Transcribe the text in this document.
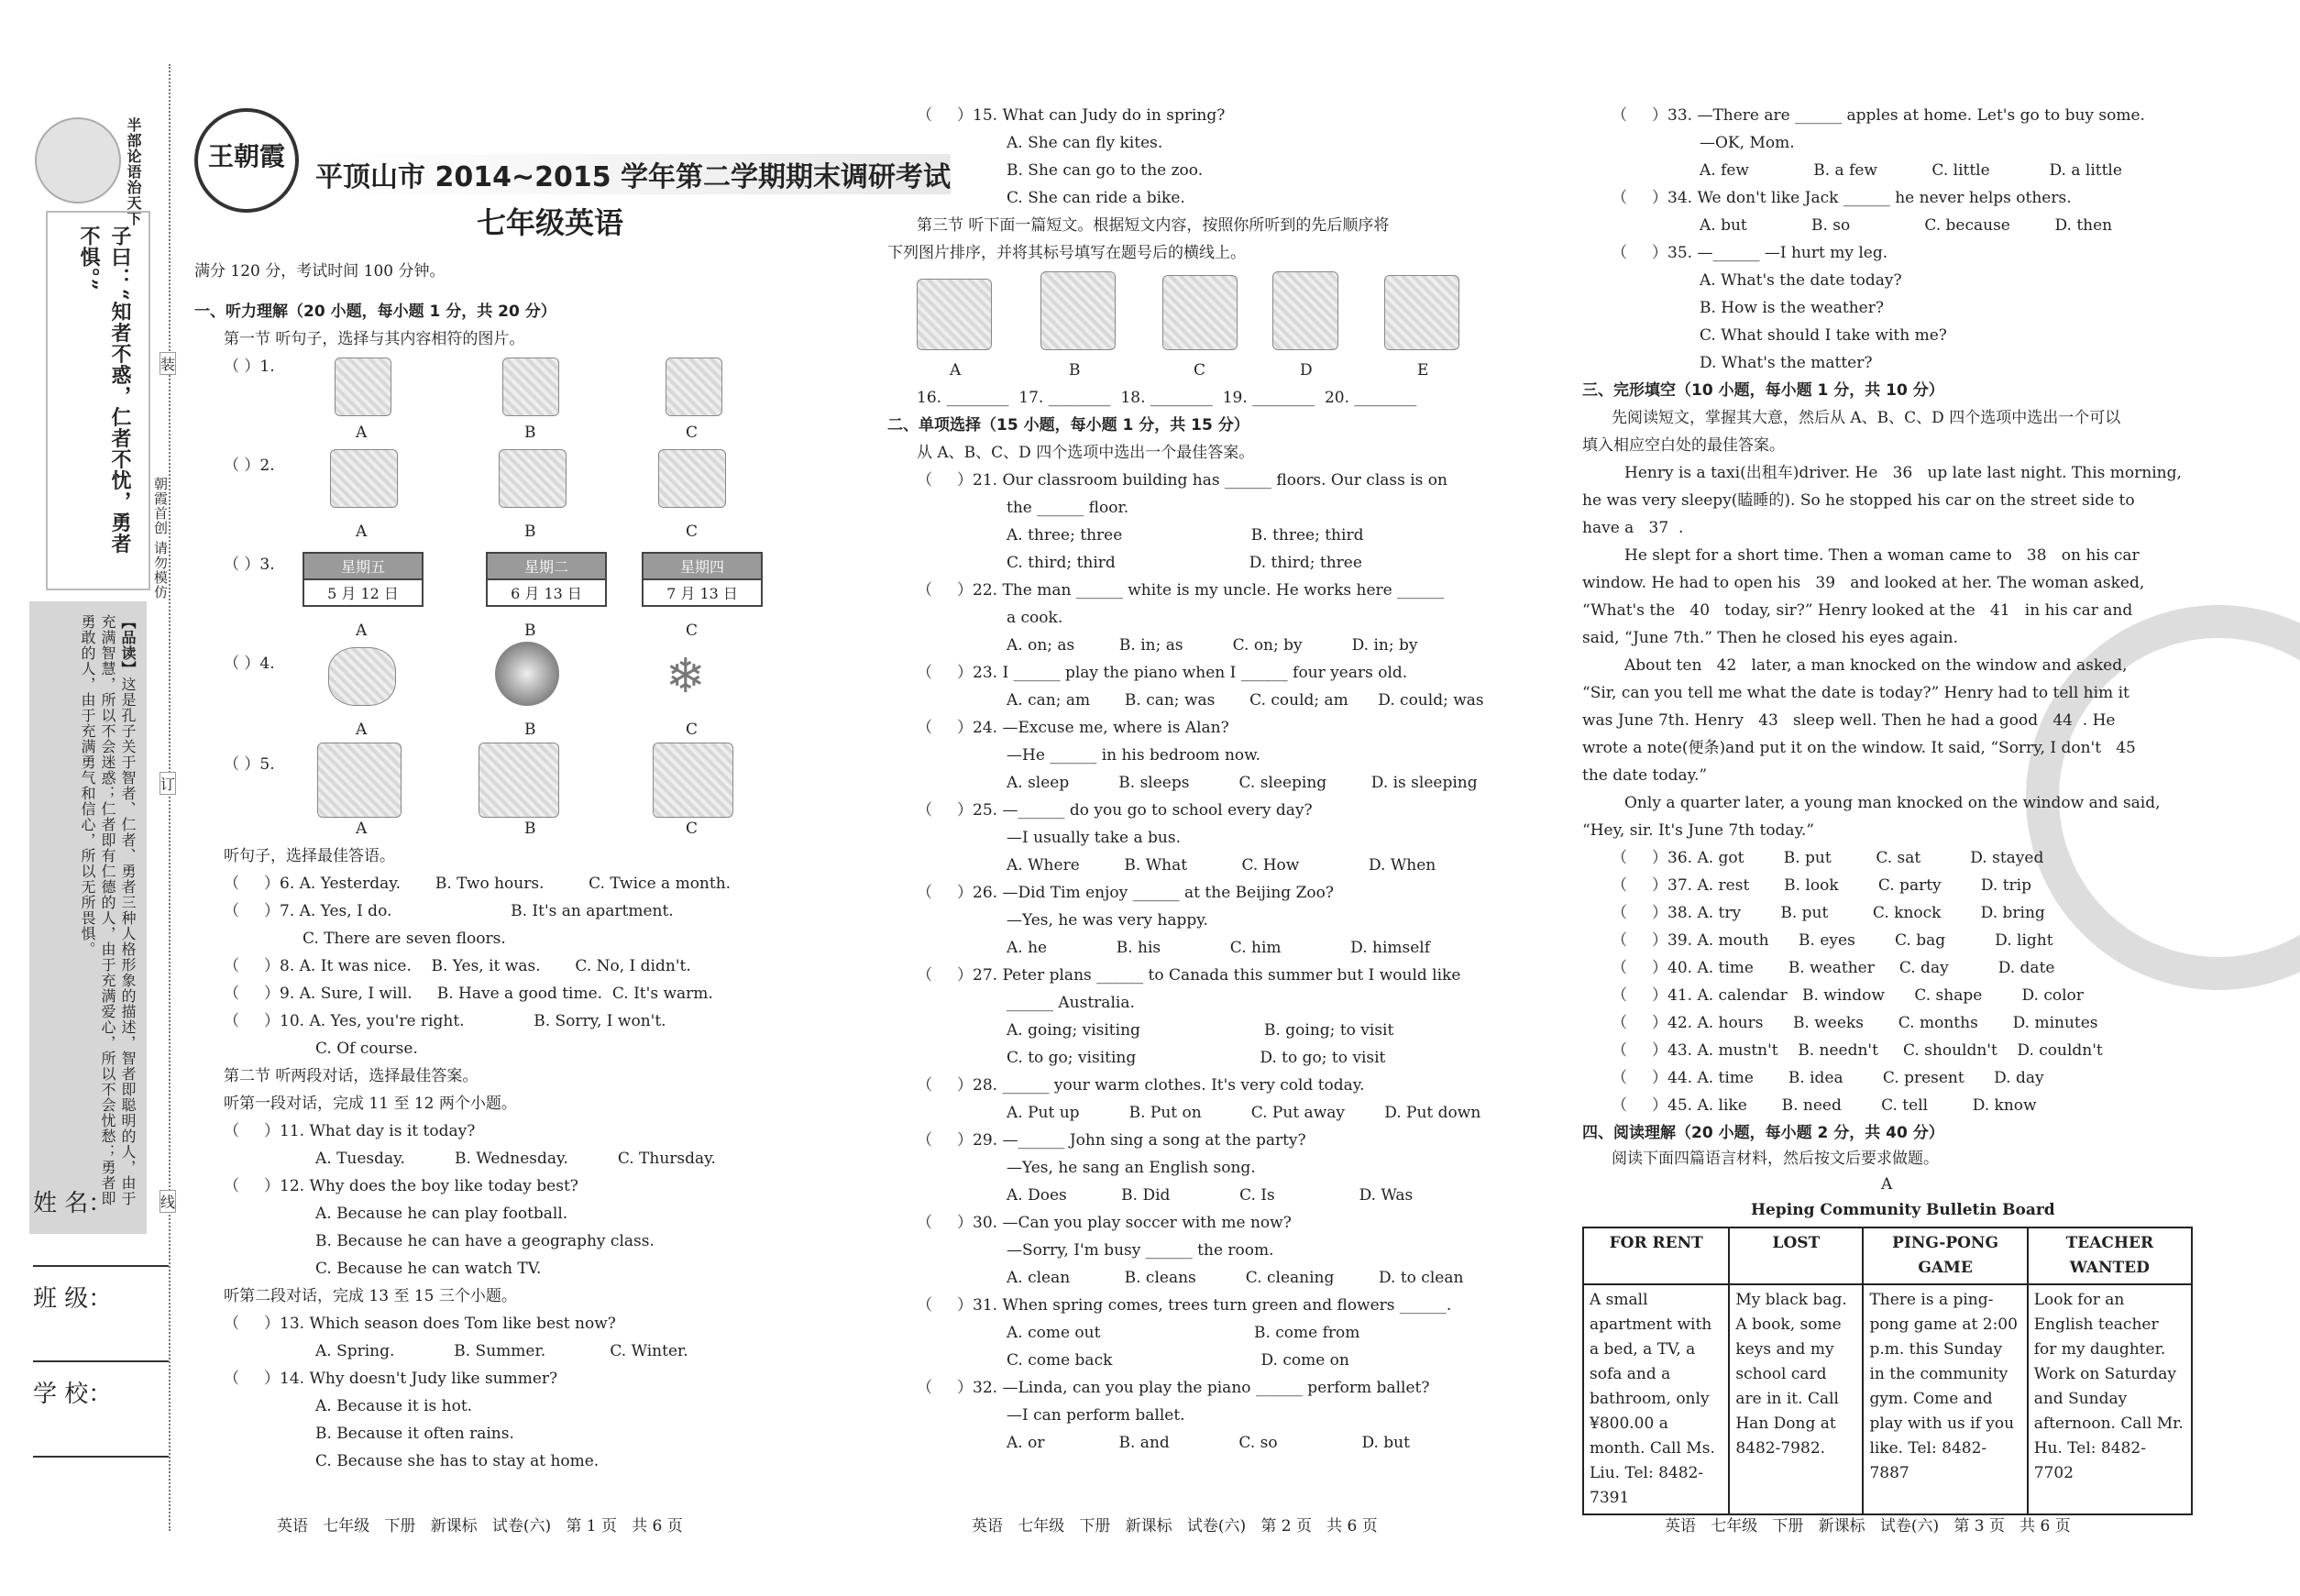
半部论语治天下
子曰：“知者不惑，仁者不忧，勇者不惧。”
【品读】这是孔子关于智者、仁者、勇者三种人格形象的描述，智者即聪明的人，由于充满智慧，所以不会迷惑；仁者即有仁德的人，由于充满爱心，所以不会忧愁；勇者即勇敢的人，由于充满勇气和信心，所以无所畏惧。
朝霞首创 请勿模仿
姓 名：
班 级：
学 校：
装
订
线
王朝霞
平顶山市 2014~2015 学年第二学期期末调研考试
七年级英语
满分 120 分，考试时间 100 分钟。
一、听力理解（20 小题，每小题 1 分，共 20 分）
第一节 听句子，选择与其内容相符的图片。
（ ）1.
A	B	C
（ ）2.
A	B	C
（ ）3.	星期五
5 月 12 日
星期二
6 月 13 日
星期四
7 月 13 日
A	B	C
（ ）4.	❄
A	B	C
（ ）5.
A	B	C
听句子，选择最佳答语。
（     ）6. A. Yesterday.       B. Two hours.         C. Twice a month.
（     ）7. A. Yes, I do.                        B. It's an apartment.
C. There are seven floors.
（     ）8. A. It was nice.    B. Yes, it was.       C. No, I didn't.
（     ）9. A. Sure, I will.     B. Have a good time.  C. It's warm.
（     ）10. A. Yes, you're right.              B. Sorry, I won't.
C. Of course.
第二节 听两段对话，选择最佳答案。
听第一段对话，完成 11 至 12 两个小题。
（     ）11. What day is it today?
A. Tuesday.          B. Wednesday.          C. Thursday.
（     ）12. Why does the boy like today best?
A. Because he can play football.
B. Because he can have a geography class.
C. Because he can watch TV.
听第二段对话，完成 13 至 15 三个小题。
（     ）13. Which season does Tom like best now?
A. Spring.            B. Summer.             C. Winter.
（     ）14. Why doesn't Judy like summer?
A. Because it is hot.
B. Because it often rains.
C. Because she has to stay at home.
（     ）15. What can Judy do in spring?
A. She can fly kites.
B. She can go to the zoo.
C. She can ride a bike.
第三节 听下面一篇短文。根据短文内容，按照你所听到的先后顺序将
下列图片排序，并将其标号填写在题号后的横线上。
A	B	C	D	E
16. ________  17. ________  18. ________  19. ________  20. ________
二、单项选择（15 小题，每小题 1 分，共 15 分）
从 A、B、C、D 四个选项中选出一个最佳答案。
（     ）21. Our classroom building has ______ floors. Our class is on
the ______ floor.
A. three; three                          B. three; third
C. third; third                           D. third; three
（     ）22. The man ______ white is my uncle. He works here ______
a cook.
A. on; as         B. in; as          C. on; by          D. in; by
（     ）23. I ______ play the piano when I ______ four years old.
A. can; am       B. can; was       C. could; am      D. could; was
（     ）24. —Excuse me, where is Alan?
—He ______ in his bedroom now.
A. sleep          B. sleeps          C. sleeping         D. is sleeping
（     ）25. —______ do you go to school every day?
—I usually take a bus.
A. Where         B. What           C. How              D. When
（     ）26. —Did Tim enjoy ______ at the Beijing Zoo?
—Yes, he was very happy.
A. he              B. his              C. him              D. himself
（     ）27. Peter plans ______ to Canada this summer but I would like
______ Australia.
A. going; visiting                         B. going; to visit
C. to go; visiting                         D. to go; to visit
（     ）28. ______ your warm clothes. It's very cold today.
A. Put up          B. Put on          C. Put away        D. Put down
（     ）29. —______ John sing a song at the party?
—Yes, he sang an English song.
A. Does           B. Did              C. Is                 D. Was
（     ）30. —Can you play soccer with me now?
—Sorry, I'm busy ______ the room.
A. clean           B. cleans          C. cleaning         D. to clean
（     ）31. When spring comes, trees turn green and flowers ______.
A. come out                               B. come from
C. come back                              D. come on
（     ）32. —Linda, can you play the piano ______ perform ballet?
—I can perform ballet.
A. or               B. and              C. so                 D. but
（     ）33. —There are ______ apples at home. Let's go to buy some.
—OK, Mom.
A. few             B. a few           C. little            D. a little
（     ）34. We don't like Jack ______ he never helps others.
A. but             B. so               C. because         D. then
（     ）35. —______ —I hurt my leg.
A. What's the date today?
B. How is the weather?
C. What should I take with me?
D. What's the matter?
三、完形填空（10 小题，每小题 1 分，共 10 分）
先阅读短文，掌握其大意，然后从 A、B、C、D 四个选项中选出一个可以
填入相应空白处的最佳答案。
Henry is a taxi(出租车)driver. He   36   up late last night. This morning,
he was very sleepy(瞌睡的). So he stopped his car on the street side to
have a   37  .
He slept for a short time. Then a woman came to   38   on his car
window. He had to open his   39   and looked at her. The woman asked,
“What's the   40   today, sir?” Henry looked at the   41   in his car and
said, “June 7th.” Then he closed his eyes again.
About ten   42   later, a man knocked on the window and asked,
“Sir, can you tell me what the date is today?” Henry had to tell him it
was June 7th. Henry   43   sleep well. Then he had a good   44  . He
wrote a note(便条)and put it on the window. It said, “Sorry, I don't   45
the date today.”
Only a quarter later, a young man knocked on the window and said,
“Hey, sir. It's June 7th today.”
（     ）36. A. got        B. put         C. sat          D. stayed
（     ）37. A. rest       B. look        C. party        D. trip
（     ）38. A. try        B. put         C. knock        D. bring
（     ）39. A. mouth      B. eyes        C. bag          D. light
（     ）40. A. time       B. weather     C. day          D. date
（     ）41. A. calendar   B. window      C. shape        D. color
（     ）42. A. hours      B. weeks       C. months       D. minutes
（     ）43. A. mustn't    B. needn't     C. shouldn't    D. couldn't
（     ）44. A. time       B. idea        C. present      D. day
（     ）45. A. like       B. need        C. tell         D. know
四、阅读理解（20 小题，每小题 2 分，共 40 分）
阅读下面四篇语言材料，然后按文后要求做题。
A
Heping Community Bulletin Board
FOR RENT	LOST	PING-PONG GAME	TEACHER WANTED
A small apartment with a bed, a TV, a sofa and a bathroom, only ¥800.00 a month. Call Ms. Liu. Tel: 8482-7391	My black bag. A book, some keys and my school card are in it. Call Han Dong at 8482-7982.	There is a ping-pong game at 2:00 p.m. this Sunday in the community gym. Come and play with us if you like. Tel: 8482-7887	Look for an English teacher for my daughter. Work on Saturday and Sunday afternoon. Call Mr. Hu. Tel: 8482-7702
英语   七年级   下册   新课标   试卷(六)   第 1 页   共 6 页	英语   七年级   下册   新课标   试卷(六)   第 2 页   共 6 页	英语   七年级   下册   新课标   试卷(六)   第 3 页   共 6 页
